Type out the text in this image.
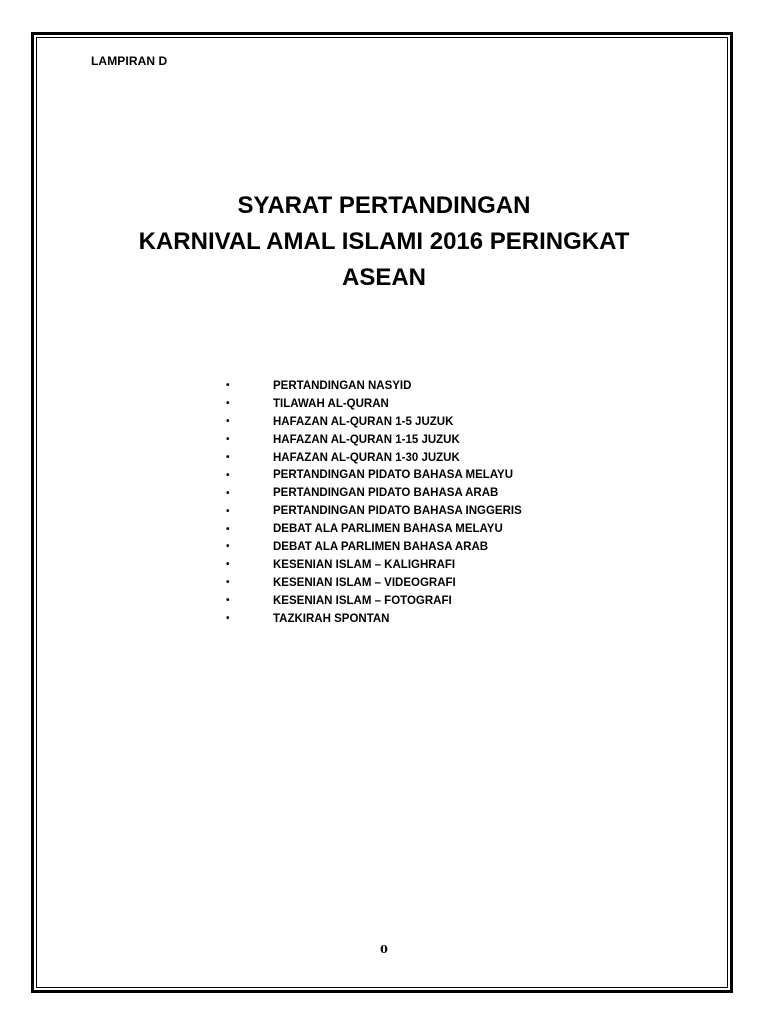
LAMPIRAN D
SYARAT PERTANDINGAN
KARNIVAL AMAL ISLAMI 2016 PERINGKAT
ASEAN
•	PERTANDINGAN NASYID
•	TILAWAH AL-QURAN
•	HAFAZAN AL-QURAN 1-5 JUZUK
•	HAFAZAN AL-QURAN 1-15 JUZUK
•	HAFAZAN AL-QURAN 1-30 JUZUK
•	PERTANDINGAN PIDATO BAHASA MELAYU
•	PERTANDINGAN PIDATO BAHASA ARAB
•	PERTANDINGAN PIDATO BAHASA INGGERIS
•	DEBAT ALA PARLIMEN BAHASA MELAYU
•	DEBAT ALA PARLIMEN BAHASA ARAB
•	KESENIAN ISLAM – KALIGHRAFI
•	KESENIAN ISLAM – VIDEOGRAFI
•	KESENIAN ISLAM – FOTOGRAFI
•	TAZKIRAH SPONTAN
0
